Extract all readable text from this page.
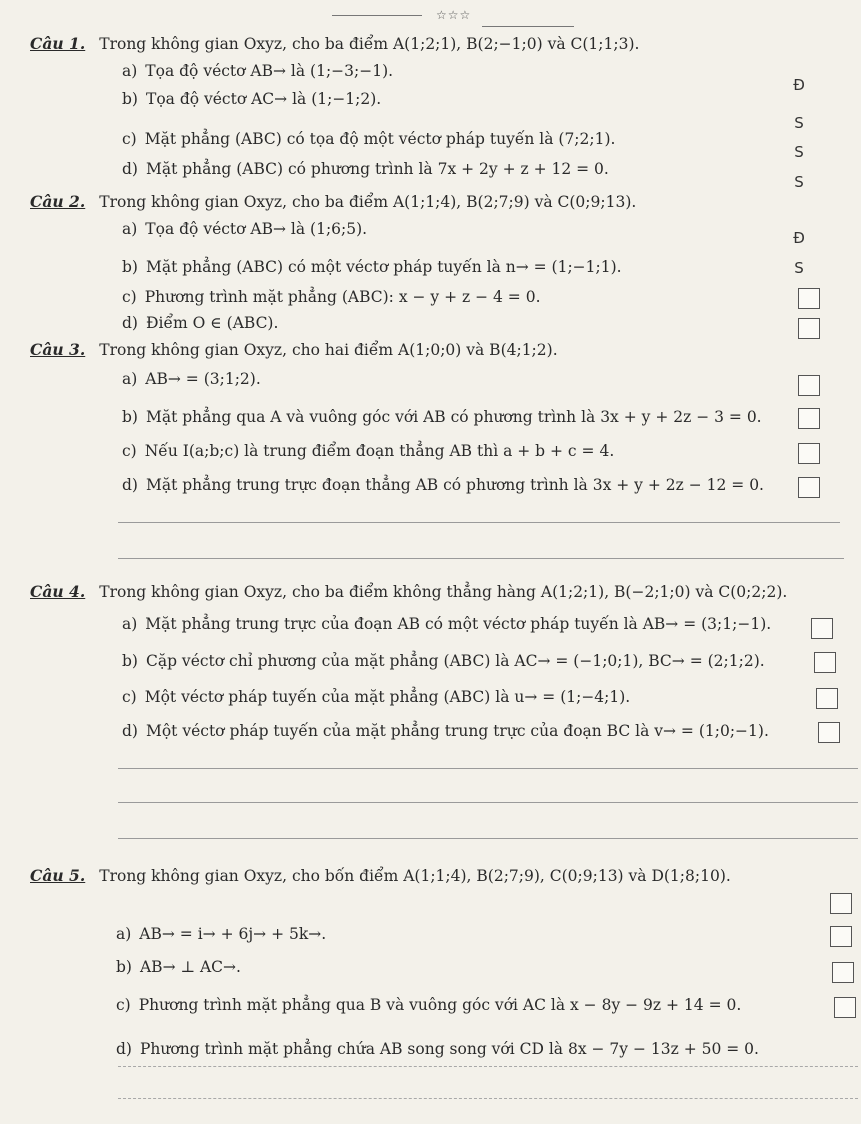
☆☆☆
Câu 1. Trong không gian Oxyz, cho ba điểm A(1;2;1), B(2;−1;0) và C(1;1;3).
a) Tọa độ véctơ AB→ là (1;−3;−1).
b) Tọa độ véctơ AC→ là (1;−1;2).
c) Mặt phẳng (ABC) có tọa độ một véctơ pháp tuyến là (7;2;1).
d) Mặt phẳng (ABC) có phương trình là 7x + 2y + z + 12 = 0.
Đ
S
S
S
Câu 2. Trong không gian Oxyz, cho ba điểm A(1;1;4), B(2;7;9) và C(0;9;13).
a) Tọa độ véctơ AB→ là (1;6;5).
b) Mặt phẳng (ABC) có một véctơ pháp tuyến là n→ = (1;−1;1).
c) Phương trình mặt phẳng (ABC): x − y + z − 4 = 0.
d) Điểm O ∈ (ABC).
Đ
S
Câu 3. Trong không gian Oxyz, cho hai điểm A(1;0;0) và B(4;1;2).
a) AB→ = (3;1;2).
b) Mặt phẳng qua A và vuông góc với AB có phương trình là 3x + y + 2z − 3 = 0.
c) Nếu I(a;b;c) là trung điểm đoạn thẳng AB thì a + b + c = 4.
d) Mặt phẳng trung trực đoạn thẳng AB có phương trình là 3x + y + 2z − 12 = 0.
Câu 4. Trong không gian Oxyz, cho ba điểm không thẳng hàng A(1;2;1), B(−2;1;0) và C(0;2;2).
a) Mặt phẳng trung trực của đoạn AB có một véctơ pháp tuyến là AB→ = (3;1;−1).
b) Cặp véctơ chỉ phương của mặt phẳng (ABC) là AC→ = (−1;0;1), BC→ = (2;1;2).
c) Một véctơ pháp tuyến của mặt phẳng (ABC) là u→ = (1;−4;1).
d) Một véctơ pháp tuyến của mặt phẳng trung trực của đoạn BC là v→ = (1;0;−1).
Câu 5. Trong không gian Oxyz, cho bốn điểm A(1;1;4), B(2;7;9), C(0;9;13) và D(1;8;10).
a) AB→ = i→ + 6j→ + 5k→.
b) AB→ ⊥ AC→.
c) Phương trình mặt phẳng qua B và vuông góc với AC là x − 8y − 9z + 14 = 0.
d) Phương trình mặt phẳng chứa AB song song với CD là 8x − 7y − 13z + 50 = 0.
